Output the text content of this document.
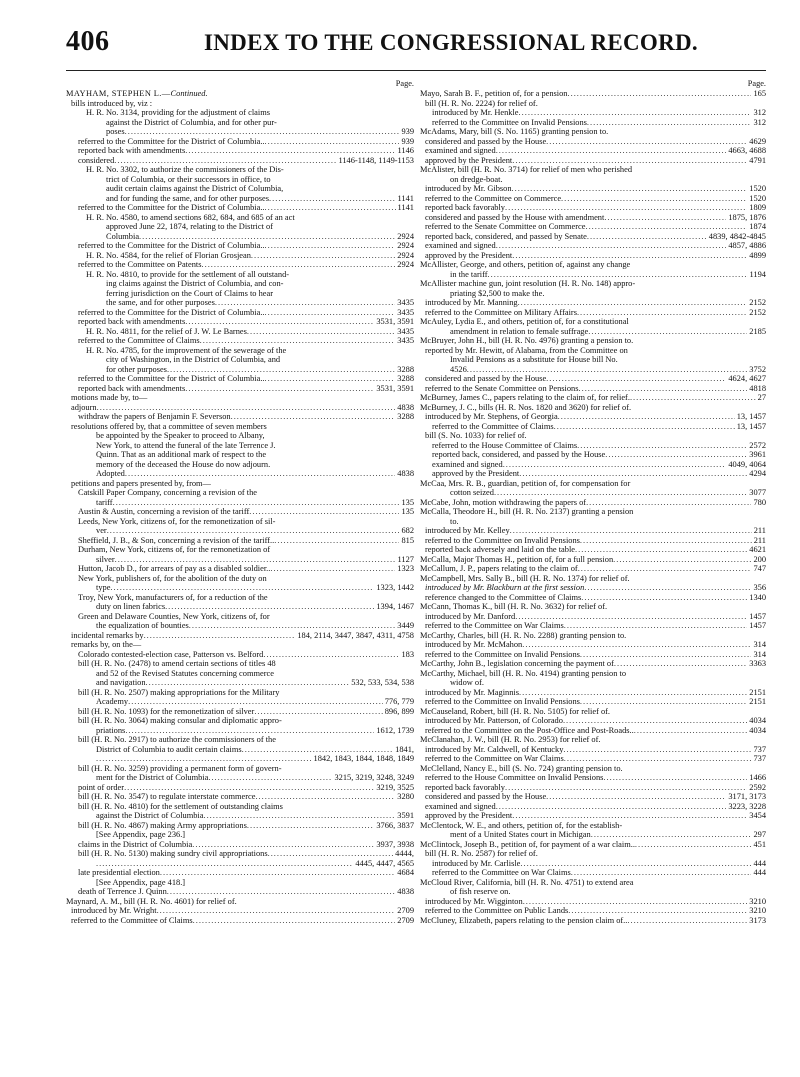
406	INDEX TO THE CONGRESSIONAL RECORD.
Page.
MAYHAM, STEPHEN L.—Continued.
bills introduced by, viz :
H. R. No. 3134, providing for the adjustment of claims
against the District of Columbia, and for other pur-
poses .....	939
referred to the Committee for the District of Columbia.. .....	939
reported back with amendments .....	1146
considered .....	1146-1148, 1149-1153
H. R. No. 3302, to authorize the commissioners of the Dis-
trict of Columbia, or their successors in office, to
audit certain claims against the District of Columbia,
and for funding the same, and for other purposes .....	1141
referred to the Committee for the District of Columbia.. .....	1141
H. R. No. 4580, to amend sections 682, 684, and 685 of an act
approved June 22, 1874, relating to the District of
Columbia .....	2924
referred to the Committee for the District of Columbia.. .....	2924
H. R. No. 4584, for the relief of Florian Grosjean .....	2924
referred to the Committee on Patents .....	2924
H. R. No. 4810, to provide for the settlement of all outstand-
ing claims against the District of Columbia, and con-
ferring jurisdiction on the Court of Claims to hear
the same, and for other purposes .....	3435
referred to the Committee for the District of Columbia.. .....	3435
reported back with amendments .....	3531, 3591
H. R. No. 4811, for the relief of J. W. Le Barnes .....	3435
referred to the Committee of Claims .....	3435
H. R. No. 4785, for the improvement of the sewerage of the
city of Washington, in the District of Columbia, and
for other purposes .....	3288
referred to the Committee for the District of Columbia.. .....	3288
reported back with amendments .....	3531, 3591
motions made by, to—
adjourn .....	4838
withdraw the papers of Benjamin F. Severson .....	3288
resolutions offered by, that a committee of seven members
be appointed by the Speaker to proceed to Albany,
New York, to attend the funeral of the late Terrence J.
Quinn. That as an additional mark of respect to the
memory of the deceased the House do now adjourn.
Adopted .....	4838
petitions and papers presented by, from—
Catskill Paper Company, concerning a revision of the
tariff .....	135
Austin & Austin, concerning a revision of the tariff .....	135
Leeds, New York, citizens of, for the remonetization of sil-
ver .....	682
Sheffield, J. B., & Son, concerning a revision of the tariff.. .....	815
Durham, New York, citizens of, for the remonetization of
silver .....	1127
Hutton, Jacob D., for arrears of pay as a disabled soldier.. .....	1323
New York, publishers of, for the abolition of the duty on
type .....	1323, 1442
Troy, New York, manufacturers of, for a reduction of the
duty on linen fabrics .....	1394, 1467
Green and Delaware Counties, New York, citizens of, for
the equalization of bounties .....	3449
incidental remarks by .....	184, 2114, 3447, 3847, 4311, 4758
remarks by, on the—
Colorado contested-election case, Patterson vs. Belford .....	183
bill (H. R. No. (2478) to amend certain sections of titles 48
and 52 of the Revised Statutes concerning commerce
and navigation .....	532, 533, 534, 538
bill (H. R. No. 2507) making appropriations for the Military
Academy .....	776, 779
bill (H. R. No. 1093) for the remonetization of silver .....	896, 899
bill (H. R. No. 3064) making consular and diplomatic appro-
priations .....	1612, 1739
bill (H. R. No. 2917) to authorize the commissioners of the
District of Columbia to audit certain claims .....	1841,
.....
1842, 1843, 1844, 1848, 1849
bill (H. R. No. 3259) providing a permanent form of govern-
ment for the District of Columbia .....	3215, 3219, 3248, 3249
point of order .....	3219, 3525
bill (H. R. No. 3547) to regulate interstate commerce .....	3280
bill (H. R. No. 4810) for the settlement of outstanding claims
against the District of Columbia .....	3591
bill (H. R. No. 4867) making Army appropriations .....	3766, 3837
[See Appendix, page 236.]
claims in the District of Columbia .....	3937, 3938
bill (H. R. No. 5130) making sundry civil appropriations .....	4444,
.....
4445, 4447, 4565
late presidential election .....	4684
[See Appendix, page 418.]
death of Terrence J. Quinn .....	4838
Maynard, A. M., bill (H. R. No. 4601) for relief of.
introduced by Mr. Wright .....	2709
referred to the Committee of Claims .....	2709
Page.
Mayo, Sarah B. F., petition of, for a pension .....	165
bill (H. R. No. 2224) for relief of.
introduced by Mr. Henkle .....	312
referred to the Committee on Invalid Pensions .....	312
McAdams, Mary, bill (S. No. 1165) granting pension to.
considered and passed by the House .....	4629
examined and signed .....	4663, 4688
approved by the President .....	4791
McAlister, bill (H. R. No. 3714) for relief of men who perished
on dredge-boat.
introduced by Mr. Gibson .....	1520
referred to the Committee on Commerce .....	1520
reported back favorably .....	1809
considered and passed by the House with amendment .....	1875, 1876
referred to the Senate Committee on Commerce .....	1874
reported back, considered, and passed by Senate .....	4839, 4842-4845
examined and signed .....	4857, 4886
approved by the President .....	4899
McAllister, George, and others, petition of, against any change
in the tariff .....	1194
McAllister machine gun, joint resolution (H. R. No. 148) appro-
priating $2,500 to make the.
introduced by Mr. Manning .....	2152
referred to the Committee on Military Affairs .....	2152
McAuley, Lydia E., and others, petition of, for a constitutional
amendment in relation to female suffrage .....	2185
McBruyer, John H., bill (H. R. No. 4976) granting a pension to.
reported by Mr. Hewitt, of Alabama, from the Committee on
Invalid Pensions as a substitute for House bill No.
4526 .....	3752
considered and passed by the House .....	4624, 4627
referred to the Senate Committee on Pensions .....	4818
McBurney, James C., papers relating to the claim of, for relief. .....	27
McBurney, J. C., bills (H. R. Nos. 1820 and 3620) for relief of.
introduced by Mr. Stephens, of Georgia .....	13, 1457
referred to the Committee of Claims .....	13, 1457
bill (S. No. 1033) for relief of.
referred to the House Committee of Claims .....	2572
reported back, considered, and passed by the House .....	3961
examined and signed .....	4049, 4064
approved by the President .....	4294
McCaa, Mrs. R. B., guardian, petition of, for compensation for
cotton seized .....	3077
McCabe, John, motion withdrawing the papers of .....	780
McCalla, Theodore H., bill (H. R. No. 2137) granting a pension
to.
introduced by Mr. Kelley .....	211
referred to the Committee on Invalid Pensions .....	211
reported back adversely and laid on the table .....	4621
McCalla, Major Thomas H., petition of, for a full pension .....	200
McCallum, J. P., papers relating to the claim of .....	747
McCampbell, Mrs. Sally B., bill (H. R. No. 1374) for relief of.
introduced by Mr. Blackburn at the first session .....	356
reference changed to the Committee of Claims .....	1340
McCann, Thomas K., bill (H. R. No. 3632) for relief of.
introduced by Mr. Danford .....	1457
referred to the Committee on War Claims .....	1457
McCarthy, Charles, bill (H. R. No. 2288) granting pension to.
introduced by Mr. McMahon .....	314
referred to the Committee on Invalid Pensions .....	314
McCarthy, John B., legislation concerning the payment of .....	3363
McCarthy, Michael, bill (H. R. No. 4194) granting pension to
widow of.
introduced by Mr. Maginnis .....	2151
referred to the Committee on Invalid Pensions .....	2151
McCauseland, Robert, bill (H. R. No. 5105) for relief of.
introduced by Mr. Patterson, of Colorado .....	4034
referred to the Committee on the Post-Office and Post-Roads.. .....	4034
McClanahan, J. W., bill (H. R. No. 2953) for relief of.
introduced by Mr. Caldwell, of Kentucky .....	737
referred to the Committee on War Claims .....	737
McClelland, Nancy E., bill (S. No. 724) granting pension to.
referred to the House Committee on Invalid Pensions .....	1466
reported back favorably .....	2592
considered and passed by the House .....	3171, 3173
examined and signed .....	3223, 3228
approved by the President .....	3454
McClentock, W. E., and others, petition of, for the establish-
ment of a United States court in Michigan .....	297
McClintock, Joseph B., petition of, for payment of a war claim.. .....	451
bill (H. R. No. 2587) for relief of.
introduced by Mr. Carlisle .....	444
referred to the Committee on War Claims .....	444
McCloud River, California, bill (H. R. No. 4751) to extend area
of fish reserve on.
introduced by Mr. Wigginton .....	3210
referred to the Committee on Public Lands .....	3210
McCluney, Elizabeth, papers relating to the pension claim of.. .....	3173
